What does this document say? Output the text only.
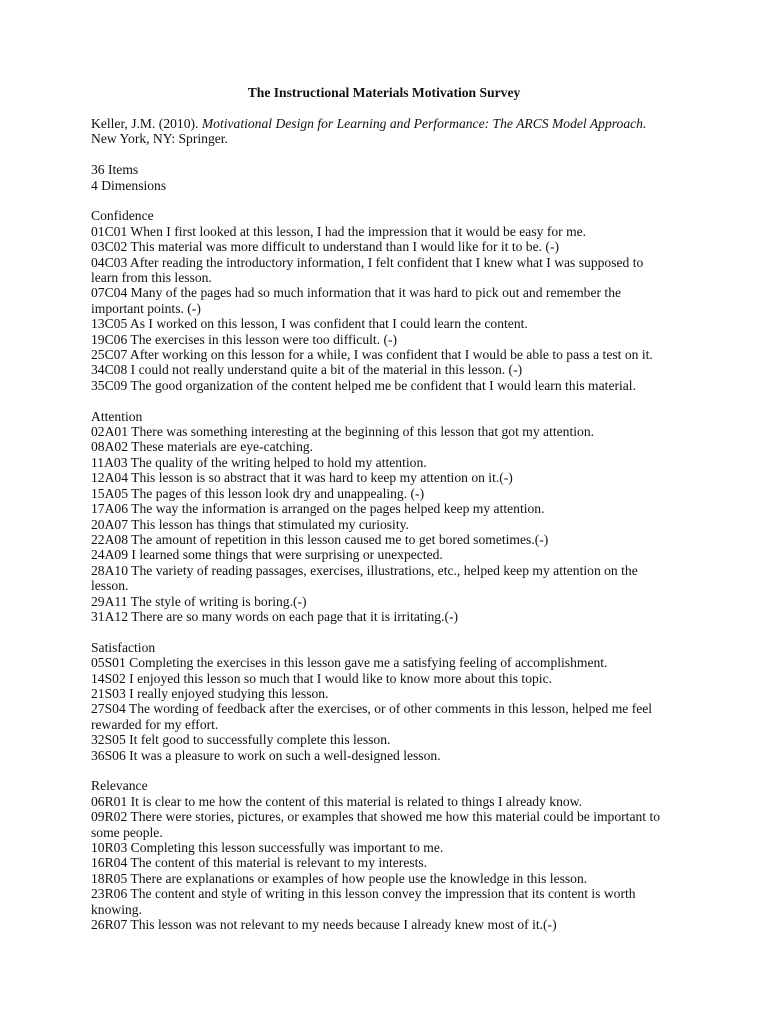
The Instructional Materials Motivation Survey

Keller, J.M. (2010). Motivational Design for Learning and Performance: The ARCS Model Approach. New York, NY: Springer.

36 Items

4 Dimensions

Confidence

01C01 When I first looked at this lesson, I had the impression that it would be easy for me.

03C02 This material was more difficult to understand than I would like for it to be. (-)

04C03 After reading the introductory information, I felt confident that I knew what I was supposed to learn from this lesson.

07C04 Many of the pages had so much information that it was hard to pick out and remember the important points. (-)

13C05 As I worked on this lesson, I was confident that I could learn the content.

19C06 The exercises in this lesson were too difficult. (-)

25C07 After working on this lesson for a while, I was confident that I would be able to pass a test on it.

34C08 I could not really understand quite a bit of the material in this lesson. (-)

35C09 The good organization of the content helped me be confident that I would learn this material.

Attention

02A01 There was something interesting at the beginning of this lesson that got my attention.

08A02 These materials are eye-catching.

11A03 The quality of the writing helped to hold my attention.

12A04 This lesson is so abstract that it was hard to keep my attention on it.(-)

15A05 The pages of this lesson look dry and unappealing. (-)

17A06 The way the information is arranged on the pages helped keep my attention.

20A07 This lesson has things that stimulated my curiosity.

22A08 The amount of repetition in this lesson caused me to get bored sometimes.(-)

24A09 I learned some things that were surprising or unexpected.

28A10 The variety of reading passages, exercises, illustrations, etc., helped keep my attention on the lesson.

29A11 The style of writing is boring.(-)

31A12 There are so many words on each page that it is irritating.(-)

Satisfaction

05S01 Completing the exercises in this lesson gave me a satisfying feeling of accomplishment.

14S02 I enjoyed this lesson so much that I would like to know more about this topic.

21S03 I really enjoyed studying this lesson.

27S04 The wording of feedback after the exercises, or of other comments in this lesson, helped me feel rewarded for my effort.

32S05 It felt good to successfully complete this lesson.

36S06 It was a pleasure to work on such a well-designed lesson.

Relevance

06R01 It is clear to me how the content of this material is related to things I already know.

09R02 There were stories, pictures, or examples that showed me how this material could be important to some people.

10R03 Completing this lesson successfully was important to me.

16R04 The content of this material is relevant to my interests.

18R05 There are explanations or examples of how people use the knowledge in this lesson.

23R06 The content and style of writing in this lesson convey the impression that its content is worth knowing.

26R07 This lesson was not relevant to my needs because I already knew most of it.(-)
